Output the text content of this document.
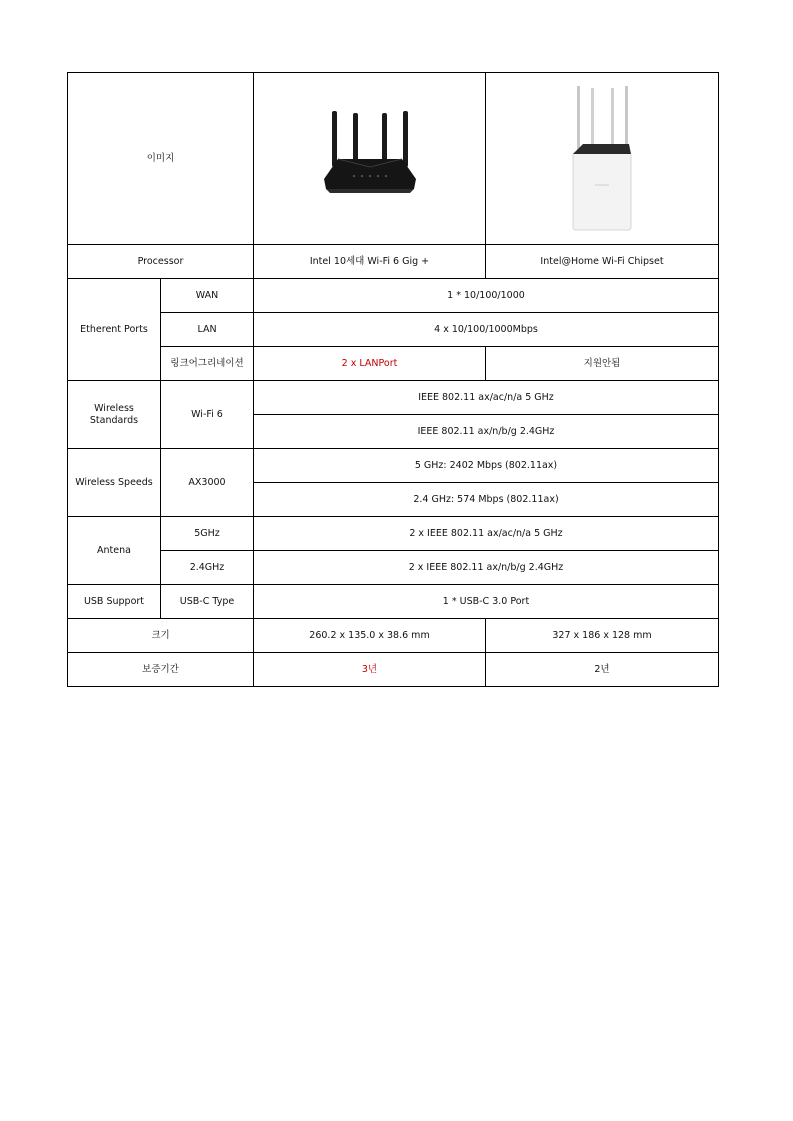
이미지	

Processor		Intel 10세대 Wi-Fi 6 Gig +	Intel@Home Wi-Fi Chipset
Etherent Ports	WAN	1 * 10/100/1000	
	LAN	4 x 10/100/1000Mbps	
	링크어그리네이션	2 x LANPort	지원안됨
Wireless Standards	Wi-Fi 6	IEEE 802.11 ax/ac/n/a 5 GHz	
		IEEE 802.11 ax/n/b/g 2.4GHz	
Wireless Speeds	AX3000	5 GHz: 2402 Mbps (802.11ax)	
		2.4 GHz: 574 Mbps (802.11ax)	
Antena	5GHz	2 x IEEE 802.11 ax/ac/n/a 5 GHz	
	2.4GHz	2 x IEEE 802.11 ax/n/b/g 2.4GHz	
USB Support	USB-C Type	1 * USB-C 3.0 Port	
크기		260.2 x 135.0 x 38.6 mm	327 x 186 x 128 mm
보증기간		3년	2년
